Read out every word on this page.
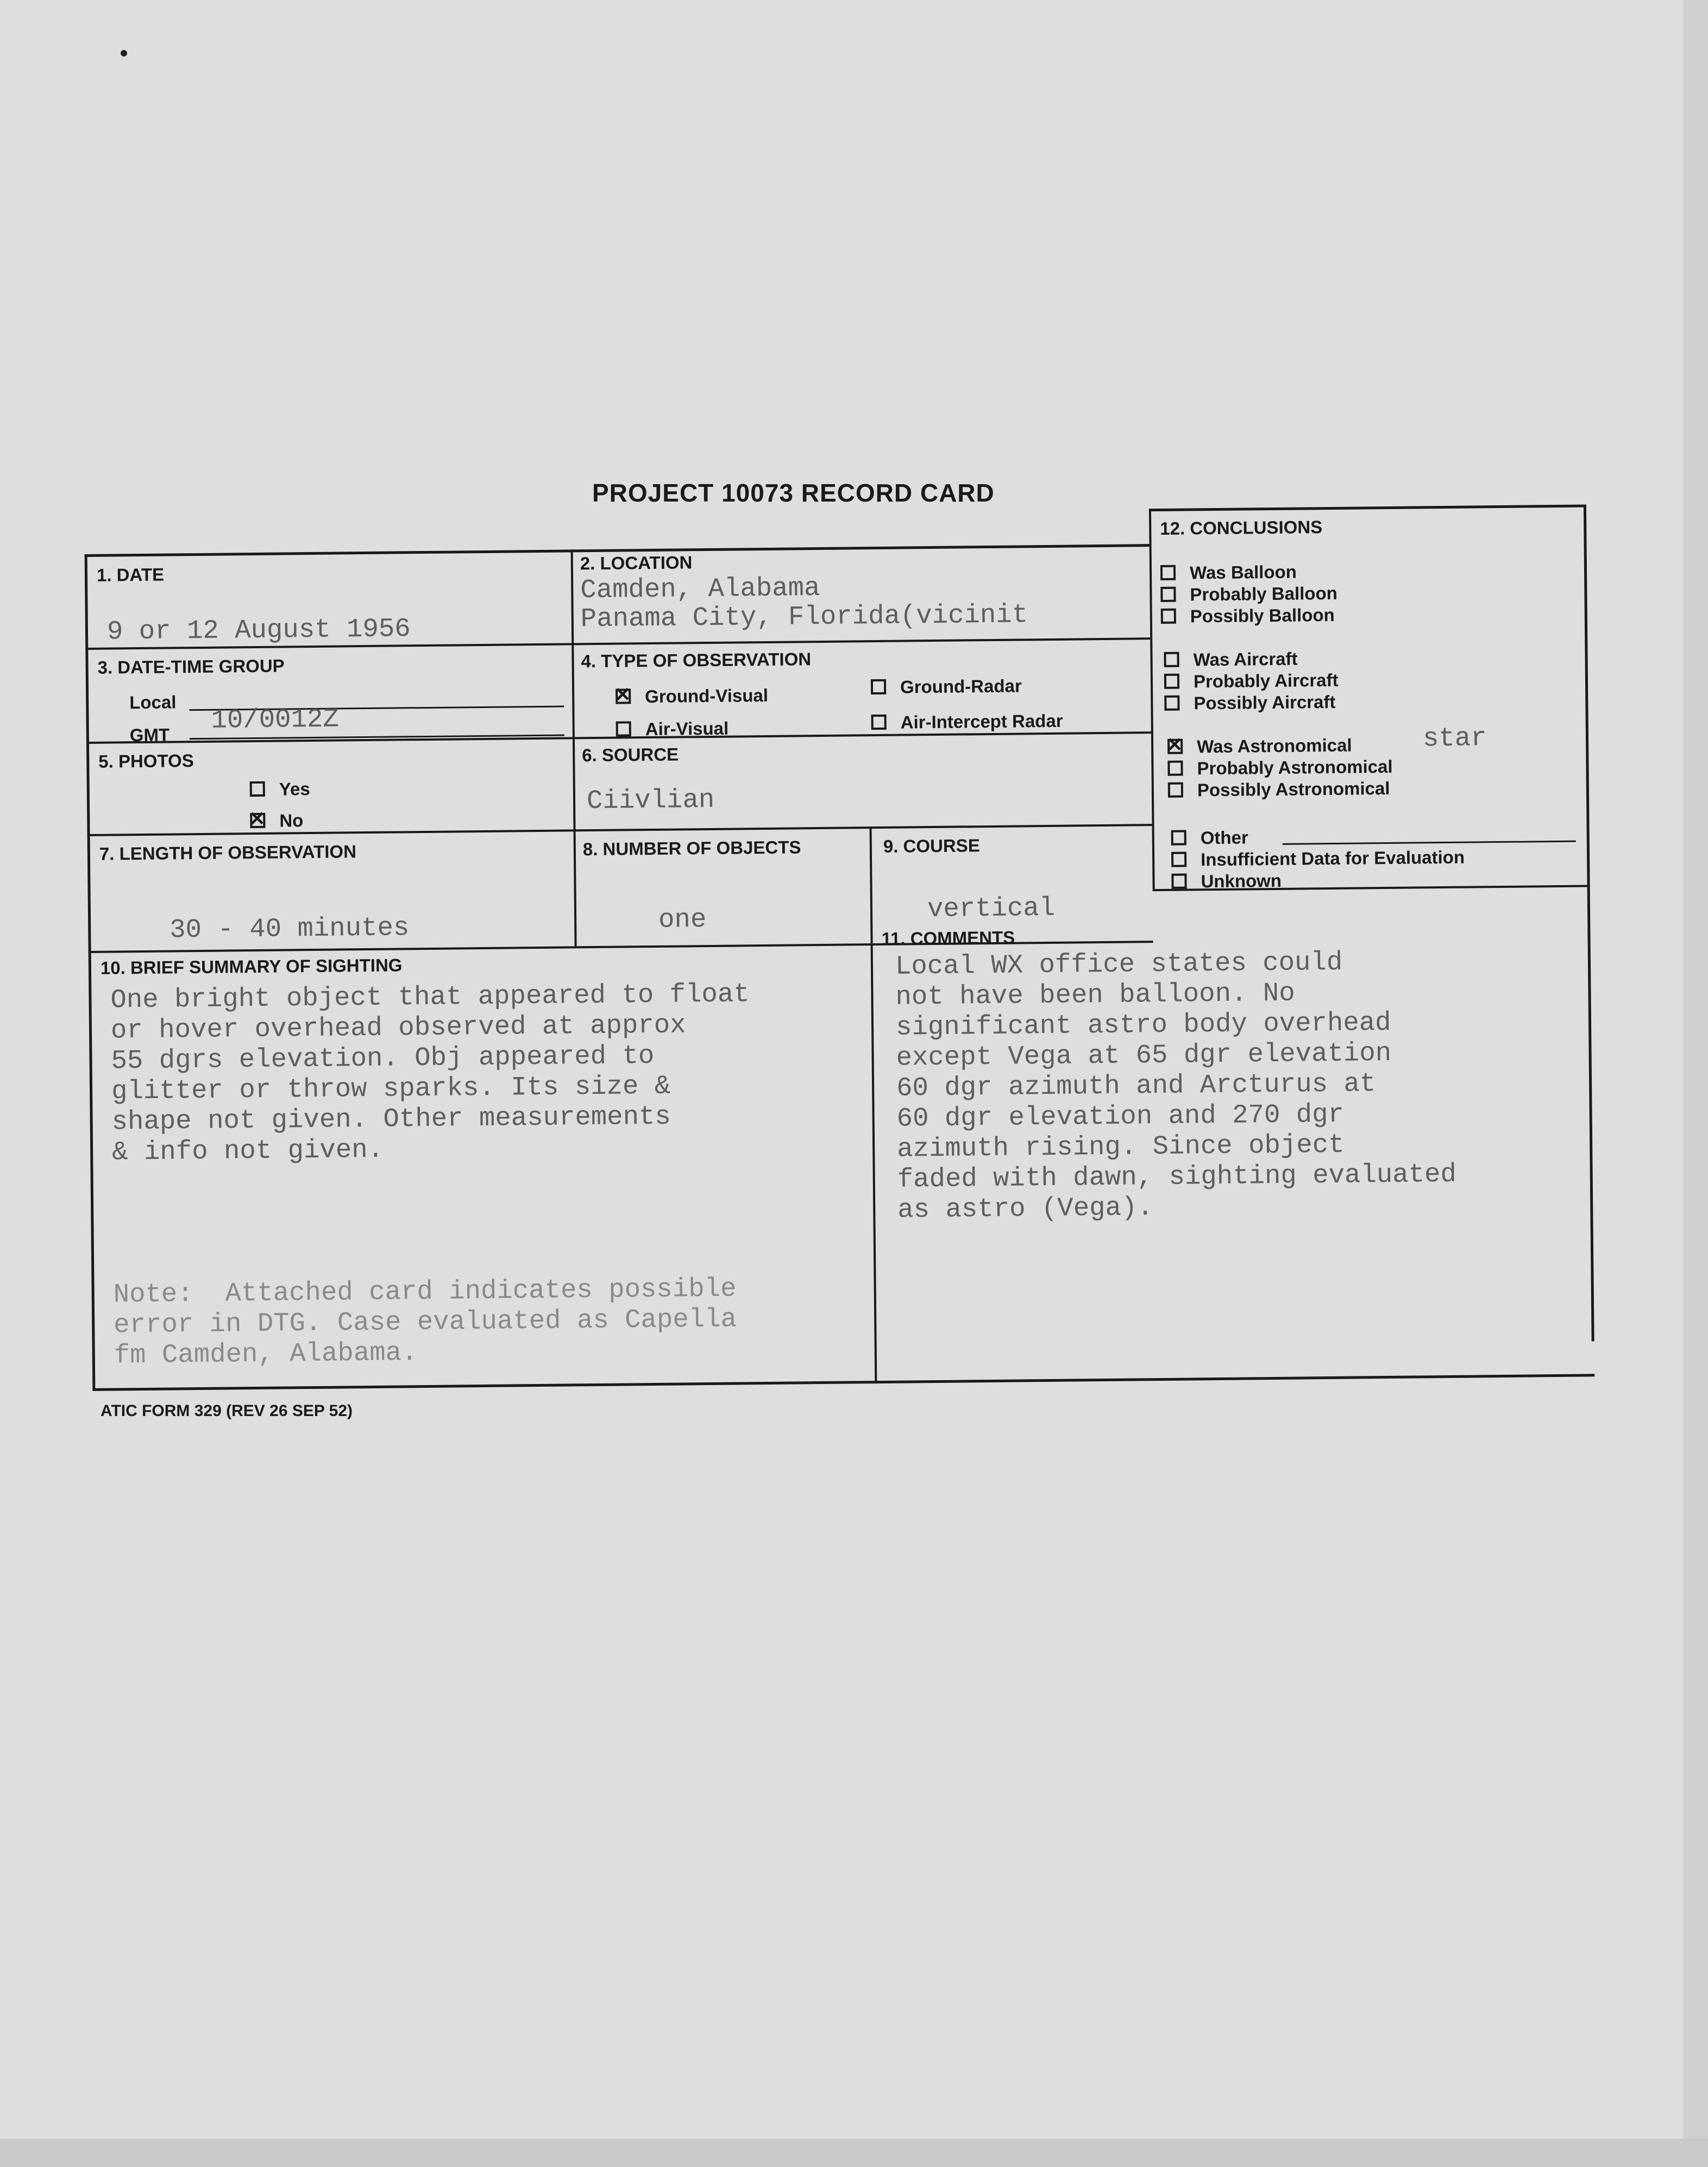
PROJECT 10073 RECORD CARD
1. DATE
9 or 12 August 1956
2. LOCATION
Camden, Alabama
Panama City, Florida(vicinit
3. DATE-TIME GROUP
Local
GMT 10/0012Z
4. TYPE OF OBSERVATION
✕Ground-Visual	Ground-Radar
Air-Visual	Air-Intercept Radar
5. PHOTOS
Yes
✕No
6. SOURCE
Ciivlian
7. LENGTH OF OBSERVATION
30 - 40 minutes
8. NUMBER OF OBJECTS
one
9. COURSE
vertical
10. BRIEF SUMMARY OF SIGHTING
One bright object that appeared to float
or hover overhead observed at approx
55 dgrs elevation. Obj appeared to
glitter or throw sparks. Its size &
shape not given. Other measurements
& info not given.
Note:  Attached card indicates possible
error in DTG. Case evaluated as Capella
fm Camden, Alabama.
11. COMMENTS
Local WX office states could
not have been balloon. No
significant astro body overhead
except Vega at 65 dgr elevation
60 dgr azimuth and Arcturus at
60 dgr elevation and 270 dgr
azimuth rising. Since object
faded with dawn, sighting evaluated
as astro (Vega).
12. CONCLUSIONS
Was Balloon
Probably Balloon
Possibly Balloon
Was Aircraft
Probably Aircraft
Possibly Aircraft
✕Was Astronomical	star
Probably Astronomical
Possibly Astronomical
Other
Insufficient Data for Evaluation
Unknown
ATIC FORM 329 (REV 26 SEP 52)
